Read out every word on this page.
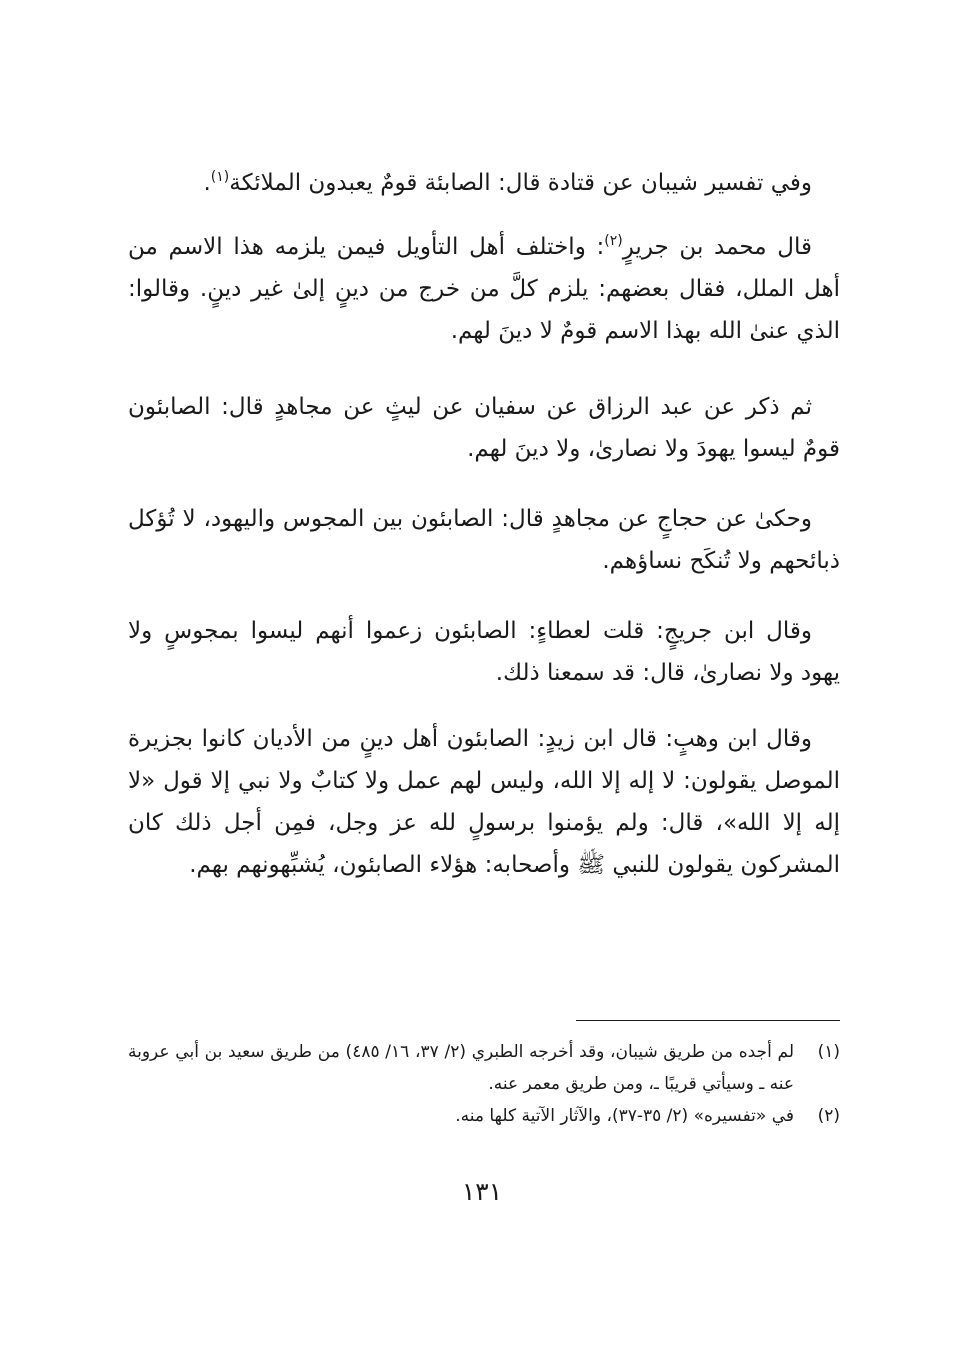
وفي تفسير شيبان عن قتادة قال: الصابئة قومٌ يعبدون الملائكة$^{(١)}$.

قال محمد بن جريرٍ$^{(٢)}$: واختلف أهل التأويل فيمن يلزمه هذا الاسم من أهل الملل، فقال بعضهم: يلزم كلَّ من خرج من دينٍ إلىٰ غير دينٍ. وقالوا: الذي عنىٰ الله بهذا الاسم قومٌ لا دينَ لهم.

ثم ذكر عن عبد الرزاق عن سفيان عن ليثٍ عن مجاهدٍ قال: الصابئون قومٌ ليسوا يهودَ ولا نصارىٰ، ولا دينَ لهم.

وحكىٰ عن حجاجٍ عن مجاهدٍ قال: الصابئون بين المجوس واليهود، لا تُؤكل ذبائحهم ولا تُنكَح نساؤهم.

وقال ابن جريجٍ: قلت لعطاءٍ: الصابئون زعموا أنهم ليسوا بمجوسٍ ولا يهود ولا نصارىٰ، قال: قد سمعنا ذلك.

وقال ابن وهبٍ: قال ابن زيدٍ: الصابئون أهل دينٍ من الأديان كانوا بجزيرة الموصل يقولون: لا إله إلا الله، وليس لهم عمل ولا كتابٌ ولا نبي إلا قول «لا إله إلا الله»، قال: ولم يؤمنوا برسولٍ لله عز وجل، فمِن أجل ذلك كان المشركون يقولون للنبي ﷺ وأصحابه: هؤلاء الصابئون، يُشبِّهونهم بهم.

(١)
لم أجده من طريق شيبان، وقد أخرجه الطبري (٢/ ٣٧، ١٦/ ٤٨٥) من طريق سعيد بن أبي عروبة عنه ـ وسيأتي قريبًا ـ، ومن طريق معمر عنه.

(٢)
في «تفسيره» (٢/ ٣٥-٣٧)، والآثار الآتية كلها منه.

١٣١
